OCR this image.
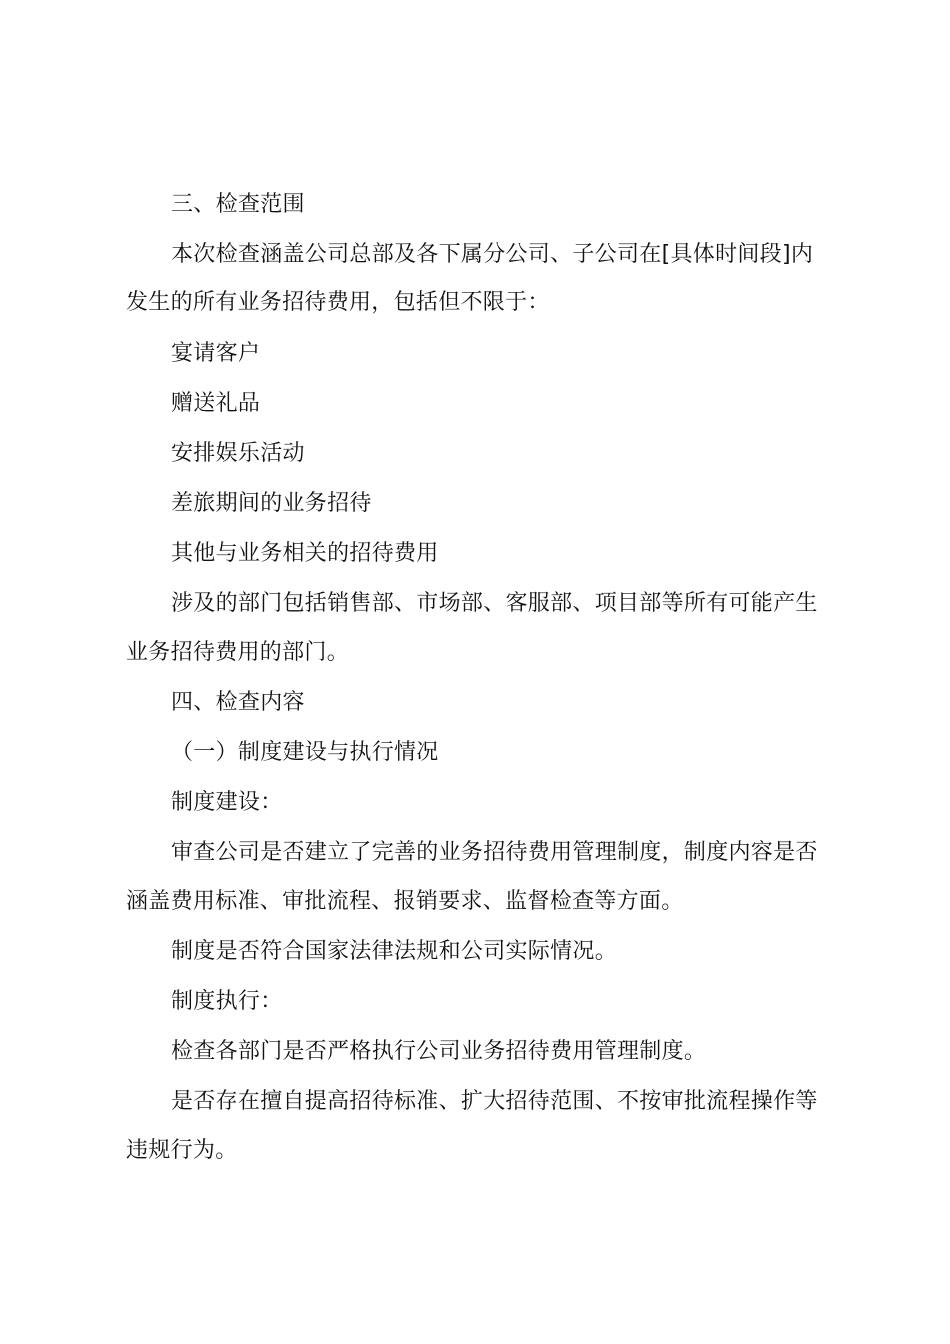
三、检查范围
本次检查涵盖公司总部及各下属分公司、子公司在[具体时间段]内
发生的所有业务招待费用，包括但不限于：
宴请客户
赠送礼品
安排娱乐活动
差旅期间的业务招待
其他与业务相关的招待费用
涉及的部门包括销售部、市场部、客服部、项目部等所有可能产生
业务招待费用的部门。
四、检查内容
（一）制度建设与执行情况
制度建设：
审查公司是否建立了完善的业务招待费用管理制度，制度内容是否
涵盖费用标准、审批流程、报销要求、监督检查等方面。
制度是否符合国家法律法规和公司实际情况。
制度执行：
检查各部门是否严格执行公司业务招待费用管理制度。
是否存在擅自提高招待标准、扩大招待范围、不按审批流程操作等
违规行为。
